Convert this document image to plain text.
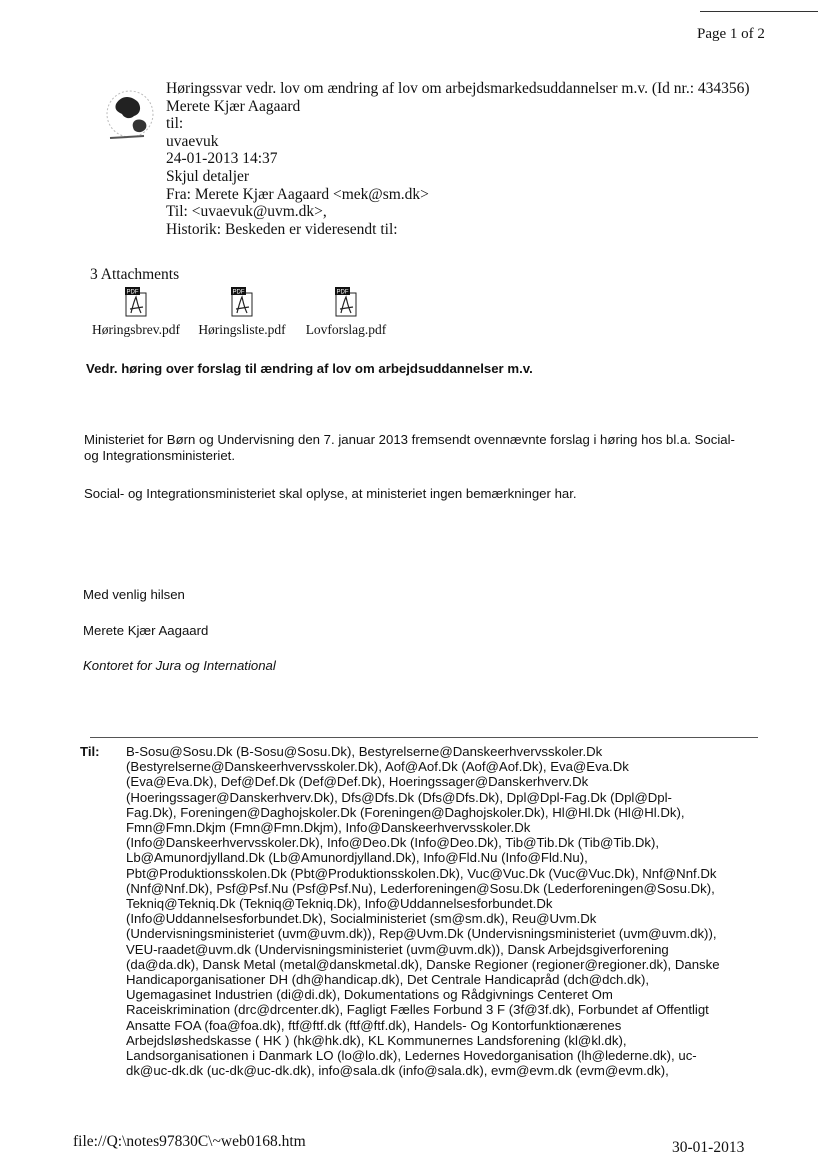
Page 1 of 2
Høringssvar vedr. lov om ændring af lov om arbejdsmarkedsuddannelser m.v. (Id nr.: 434356)
Merete Kjær Aagaard
til:
uvaevuk
24-01-2013 14:37
Skjul detaljer
Fra: Merete Kjær Aagaard <mek@sm.dk>
Til: <uvaevuk@uvm.dk>,
Historik: Beskeden er videresendt til:
3 Attachments
PDF
Høringsbrev.pdf
PDF
Høringsliste.pdf
PDF
Lovforslag.pdf
Vedr. høring over forslag til ændring af lov om arbejdsuddannelser m.v.
Ministeriet for Børn og Undervisning den 7. januar 2013 fremsendt ovennævnte forslag i høring hos bl.a. Social- og Integrationsministeriet.
Social- og Integrationsministeriet skal oplyse, at ministeriet ingen bemærkninger har.
Med venlig hilsen
Merete Kjær Aagaard
Kontoret for Jura og International
Til: B-Sosu@Sosu.Dk (B-Sosu@Sosu.Dk), Bestyrelserne@Danskeerhvervsskoler.Dk
(Bestyrelserne@Danskeerhvervsskoler.Dk), Aof@Aof.Dk (Aof@Aof.Dk), Eva@Eva.Dk
(Eva@Eva.Dk), Def@Def.Dk (Def@Def.Dk), Hoeringssager@Danskerhverv.Dk
(Hoeringssager@Danskerhverv.Dk), Dfs@Dfs.Dk (Dfs@Dfs.Dk), Dpl@Dpl-Fag.Dk (Dpl@Dpl-
Fag.Dk), Foreningen@Daghojskoler.Dk (Foreningen@Daghojskoler.Dk), Hl@Hl.Dk (Hl@Hl.Dk),
Fmn@Fmn.Dkjm (Fmn@Fmn.Dkjm), Info@Danskeerhvervsskoler.Dk
(Info@Danskeerhvervsskoler.Dk), Info@Deo.Dk (Info@Deo.Dk), Tib@Tib.Dk (Tib@Tib.Dk),
Lb@Amunordjylland.Dk (Lb@Amunordjylland.Dk), Info@Fld.Nu (Info@Fld.Nu),
Pbt@Produktionsskolen.Dk (Pbt@Produktionsskolen.Dk), Vuc@Vuc.Dk (Vuc@Vuc.Dk), Nnf@Nnf.Dk
(Nnf@Nnf.Dk), Psf@Psf.Nu (Psf@Psf.Nu), Lederforeningen@Sosu.Dk (Lederforeningen@Sosu.Dk),
Tekniq@Tekniq.Dk (Tekniq@Tekniq.Dk), Info@Uddannelsesforbundet.Dk
(Info@Uddannelsesforbundet.Dk), Socialministeriet (sm@sm.dk), Reu@Uvm.Dk
(Undervisningsministeriet (uvm@uvm.dk)), Rep@Uvm.Dk (Undervisningsministeriet (uvm@uvm.dk)),
VEU-raadet@uvm.dk (Undervisningsministeriet (uvm@uvm.dk)), Dansk Arbejdsgiverforening
(da@da.dk), Dansk Metal (metal@danskmetal.dk), Danske Regioner (regioner@regioner.dk), Danske
Handicaporganisationer DH (dh@handicap.dk), Det Centrale Handicapråd (dch@dch.dk),
Ugemagasinet Industrien (di@di.dk), Dokumentations og Rådgivnings Centeret Om
Raceiskrimination (drc@drcenter.dk), Fagligt Fælles Forbund 3 F (3f@3f.dk), Forbundet af Offentligt
Ansatte FOA (foa@foa.dk), ftf@ftf.dk (ftf@ftf.dk), Handels- Og Kontorfunktionærenes
Arbejdsløshedskasse ( HK ) (hk@hk.dk), KL Kommunernes Landsforening (kl@kl.dk),
Landsorganisationen i Danmark LO (lo@lo.dk), Ledernes Hovedorganisation (lh@lederne.dk), uc-
dk@uc-dk.dk (uc-dk@uc-dk.dk), info@sala.dk (info@sala.dk), evm@evm.dk (evm@evm.dk),
file://Q:\notes97830C\~web0168.htm	30-01-2013
